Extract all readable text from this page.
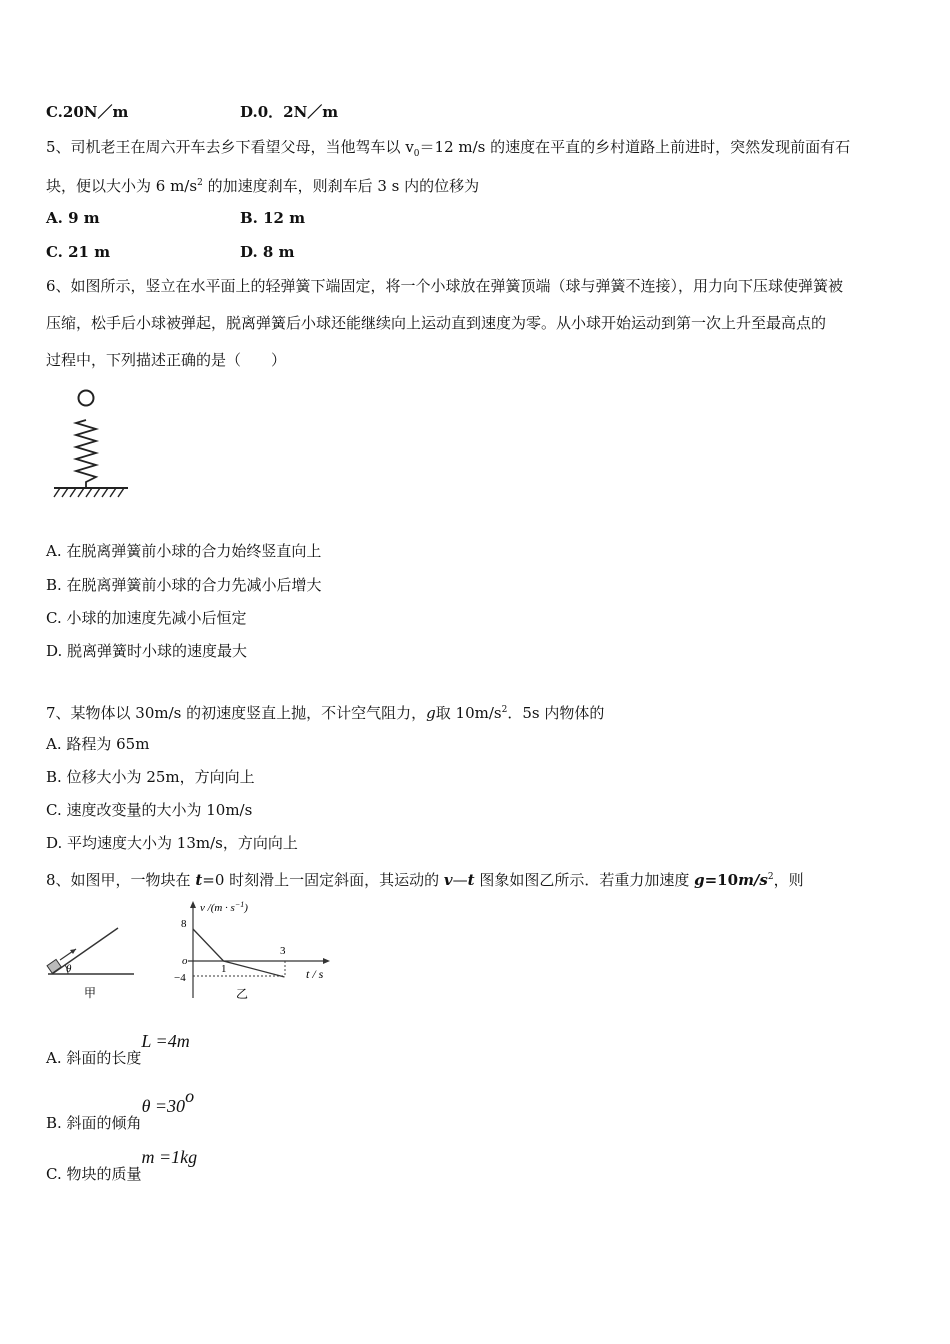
C.20N／m	D.0．2N／m
5、司机老王在周六开车去乡下看望父母，当他驾车以 $v_0=12$ m/s 的速度在平直的乡村道路上前进时，突然发现前面有石
块，便以大小为 6 $m/s^2$ 的加速度刹车，则刹车后 3 s 内的位移为
A. 9 m	B. 12 m
C. 21 m	D. 8 m
6、如图所示，竖立在水平面上的轻弹簧下端固定，将一个小球放在弹簧顶端（球与弹簧不连接），用力向下压球使弹簧被
压缩，松手后小球被弹起，脱离弹簧后小球还能继续向上运动直到速度为零。从小球开始运动到第一次上升至最高点的
过程中，下列描述正确的是（　　）
A. 在脱离弹簧前小球的合力始终竖直向上
B. 在脱离弹簧前小球的合力先减小后增大
C. 小球的加速度先减小后恒定
D. 脱离弹簧时小球的速度最大
7、某物体以 30m/s 的初速度竖直上抛，不计空气阻力，g取 $10m/s^2$．5s 内物体的
A. 路程为 65m
B. 位移大小为 25m，方向向上
C. 速度改变量的大小为 10m/s
D. 平均速度大小为 13m/s，方向向上
8、如图甲，一物块在 t=0 时刻滑上一固定斜面，其运动的 v—t 图象如图乙所示．若重力加速度 $g=10m/s^2$，则
θ
甲
v $/(m \cdot s^{-1})$
t / s
o
8
−4
1
3
乙
A. 斜面的长度L =4m
B. 斜面的倾角$\theta =30^o$
C. 物块的质量m =1kg
